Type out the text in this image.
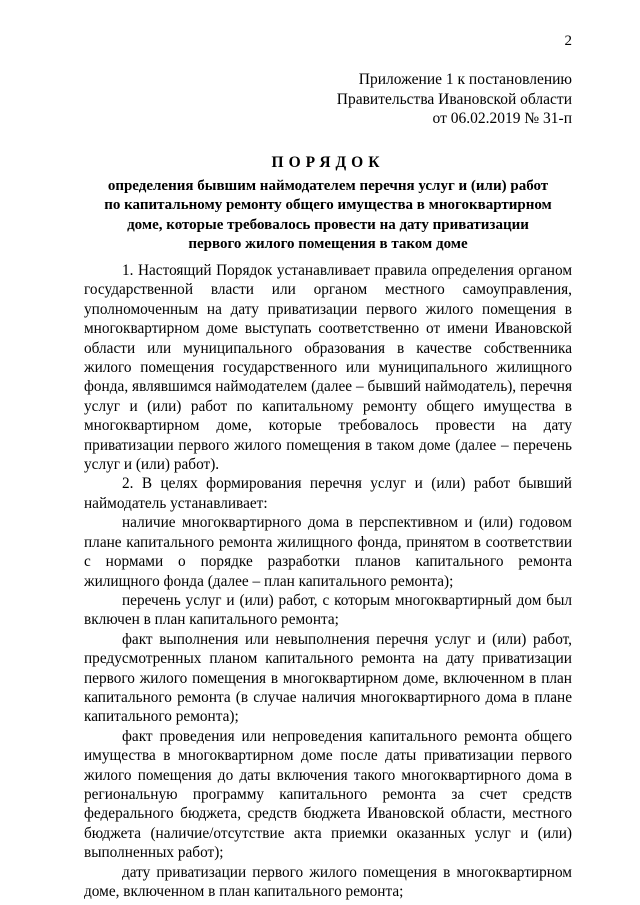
2
Приложение 1 к постановлению
Правительства Ивановской области
от 06.02.2019 № 31-п
ПОРЯДОК
определения бывшим наймодателем перечня услуг и (или) работ
по капитальному ремонту общего имущества в многоквартирном
доме, которые требовалось провести на дату приватизации
первого жилого помещения в таком доме

1. Настоящий Порядок устанавливает правила определения органом государственной власти или органом местного самоуправления, уполномоченным на дату приватизации первого жилого помещения в многоквартирном доме выступать соответственно от имени Ивановской области или муниципального образования в качестве собственника жилого помещения государственного или муниципального жилищного фонда, являвшимся наймодателем (далее – бывший наймодатель), перечня услуг и (или) работ по капитальному ремонту общего имущества в многоквартирном доме, которые требовалось провести на дату приватизации первого жилого помещения в таком доме (далее – перечень услуг и (или) работ).

2. В целях формирования перечня услуг и (или) работ бывший наймодатель устанавливает:

наличие многоквартирного дома в перспективном и (или) годовом плане капитального ремонта жилищного фонда, принятом в соответствии с нормами о порядке разработки планов капитального ремонта жилищного фонда (далее – план капитального ремонта);

перечень услуг и (или) работ, с которым многоквартирный дом был включен в план капитального ремонта;

факт выполнения или невыполнения перечня услуг и (или) работ, предусмотренных планом капитального ремонта на дату приватизации первого жилого помещения в многоквартирном доме, включенном в план капитального ремонта (в случае наличия многоквартирного дома в плане капитального ремонта);

факт проведения или непроведения капитального ремонта общего имущества в многоквартирном доме после даты приватизации первого жилого помещения до даты включения такого многоквартирного дома в региональную программу капитального ремонта за счет средств федерального бюджета, средств бюджета Ивановской области, местного бюджета (наличие/отсутствие акта приемки оказанных услуг и (или) выполненных работ);

дату приватизации первого жилого помещения в многоквартирном доме, включенном в план капитального ремонта;
